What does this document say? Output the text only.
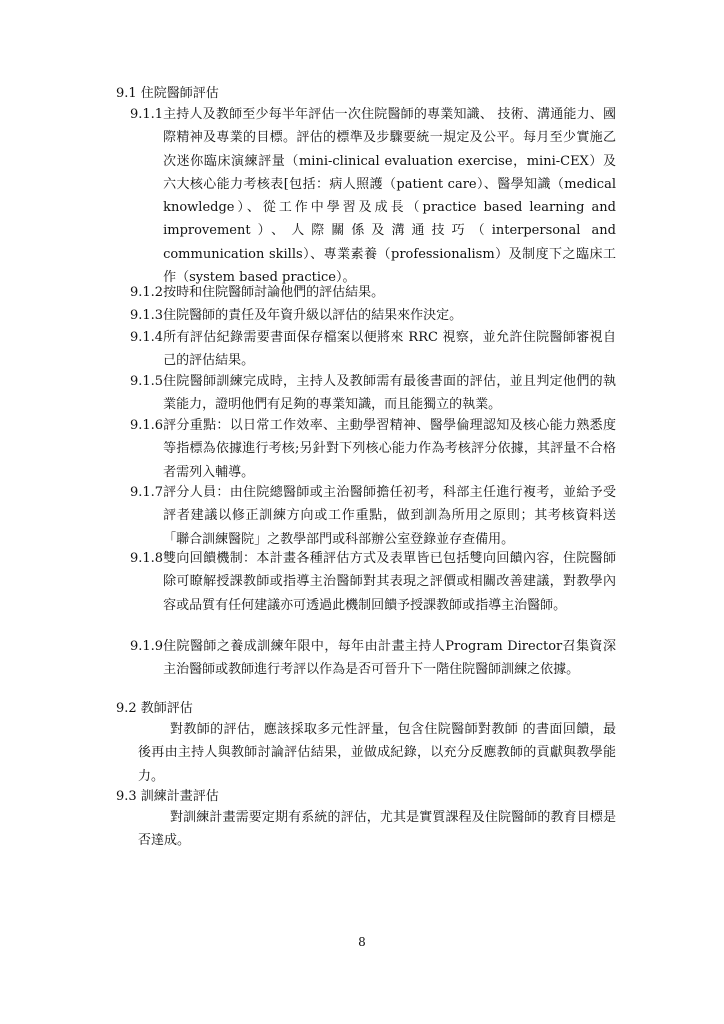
9.1 住院醫師評估

9.1.1 主持人及教師至少每半年評估一次住院醫師的專業知識、 技術、溝通能力、國際精神及專業的目標。評估的標準及步驟要統一規定及公平。每月至少實施乙次迷你臨床演練評量（mini-clinical evaluation exercise，mini-CEX）及六大核心能力考核表[包括：病人照護（patient care）、醫學知識（medical knowledge）、從工作中學習及成長（practice based learning and improvement）、人際關係及溝通技巧（interpersonal and communication skills）、專業素養（professionalism）及制度下之臨床工作（system based practice）。
9.1.2 按時和住院醫師討論他們的評估結果。
9.1.3 住院醫師的責任及年資升級以評估的結果來作決定。
9.1.4 所有評估紀錄需要書面保存檔案以便將來 RRC 視察，並允許住院醫師審視自己的評估結果。
9.1.5 住院醫師訓練完成時，主持人及教師需有最後書面的評估，並且判定他們的執業能力，證明他們有足夠的專業知識，而且能獨立的執業。
9.1.6 評分重點：以日常工作效率、主動學習精神、醫學倫理認知及核心能力熟悉度等指標為依據進行考核;另針對下列核心能力作為考核評分依據，其評量不合格者需列入輔導。
9.1.7 評分人員：由住院總醫師或主治醫師擔任初考，科部主任進行複考，並給予受評者建議以修正訓練方向或工作重點，做到訓為所用之原則；其考核資料送「聯合訓練醫院」之教學部門或科部辦公室登錄並存查備用。
9.1.8 雙向回饋機制：本計畫各種評估方式及表單皆已包括雙向回饋內容，住院醫師除可瞭解授課教師或指導主治醫師對其表現之評價或相關改善建議，對教學內容或品質有任何建議亦可透過此機制回饋予授課教師或指導主治醫師。
9.1.9 住院醫師之養成訓練年限中，每年由計畫主持人Program Director召集資深主治醫師或教師進行考評以作為是否可晉升下一階住院醫師訓練之依據。

9.2 教師評估

對教師的評估，應該採取多元性評量，包含住院醫師對教師 的書面回饋，最後再由主持人與教師討論評估結果，並做成紀錄，以充分反應教師的貢獻與教學能力。

9.3 訓練計畫評估

對訓練計畫需要定期有系統的評估，尤其是實質課程及住院醫師的教育目標是否達成。

8
